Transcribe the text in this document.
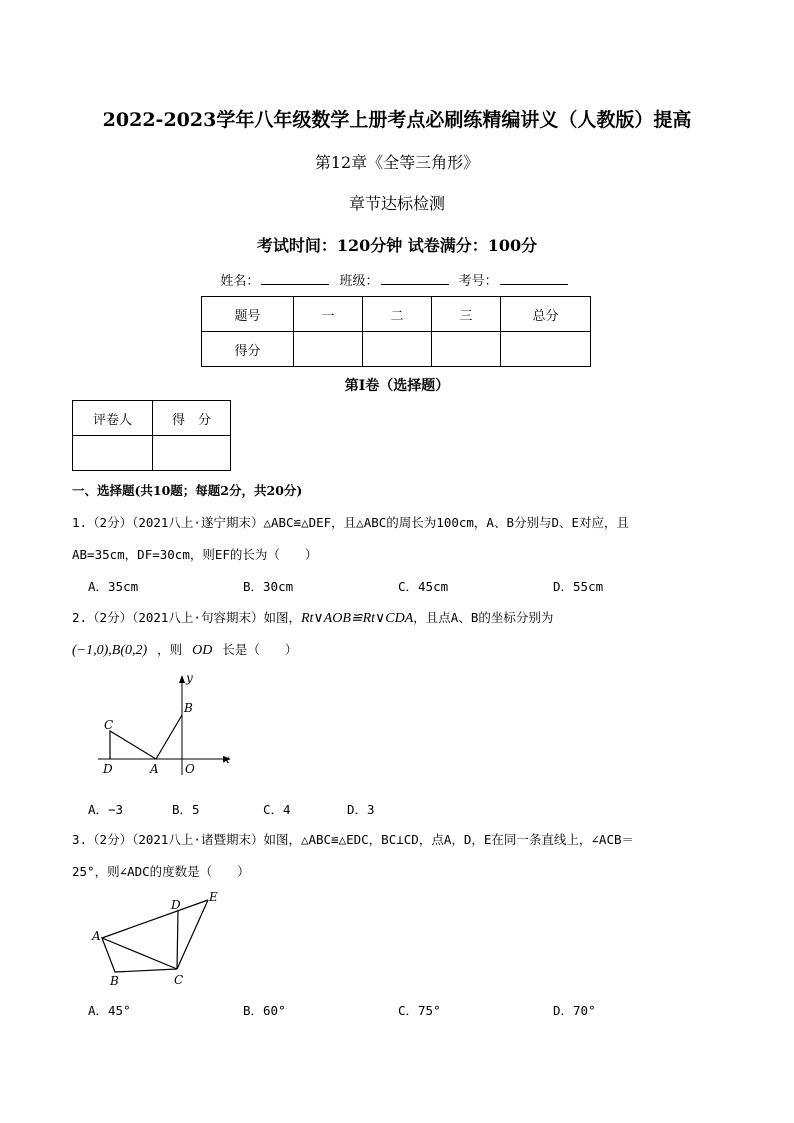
2022-2023学年八年级数学上册考点必刷练精编讲义（人教版）提高
第12章《全等三角形》
章节达标检测
考试时间：120分钟 试卷满分：100分
姓名：	班级：	考号：
题号	一	二	三	总分
得分				
第Ⅰ卷（选择题）
评卷人	得　分

一、选择题(共10题；每题2分，共20分)
1.（2分）（2021八上·遂宁期末）△ABC≌△DEF，且△ABC的周长为100cm，A、B分别与D、E对应，且
AB=35cm，DF=30cm，则EF的长为（　　）
A．35cm	B．30cm	C．45cm	D．55cm
2.（2分）（2021八上·句容期末）如图，Rt∨AOB≌Rt∨CDA，且点A、B的坐标分别为
(−1,0),B(0,2) ，则 OD 长是（　　）
y
x
B
C
D	A O
A．−3	B．5	C．4	D．3
3.（2分）（2021八上·诸暨期末）如图，△ABC≌△EDC，BC⊥CD，点A，D，E在同一条直线上，∠ACB＝
25°，则∠ADC的度数是（　　）
A
B	C
D
E
A．45°	B．60°	C．75°	D．70°
